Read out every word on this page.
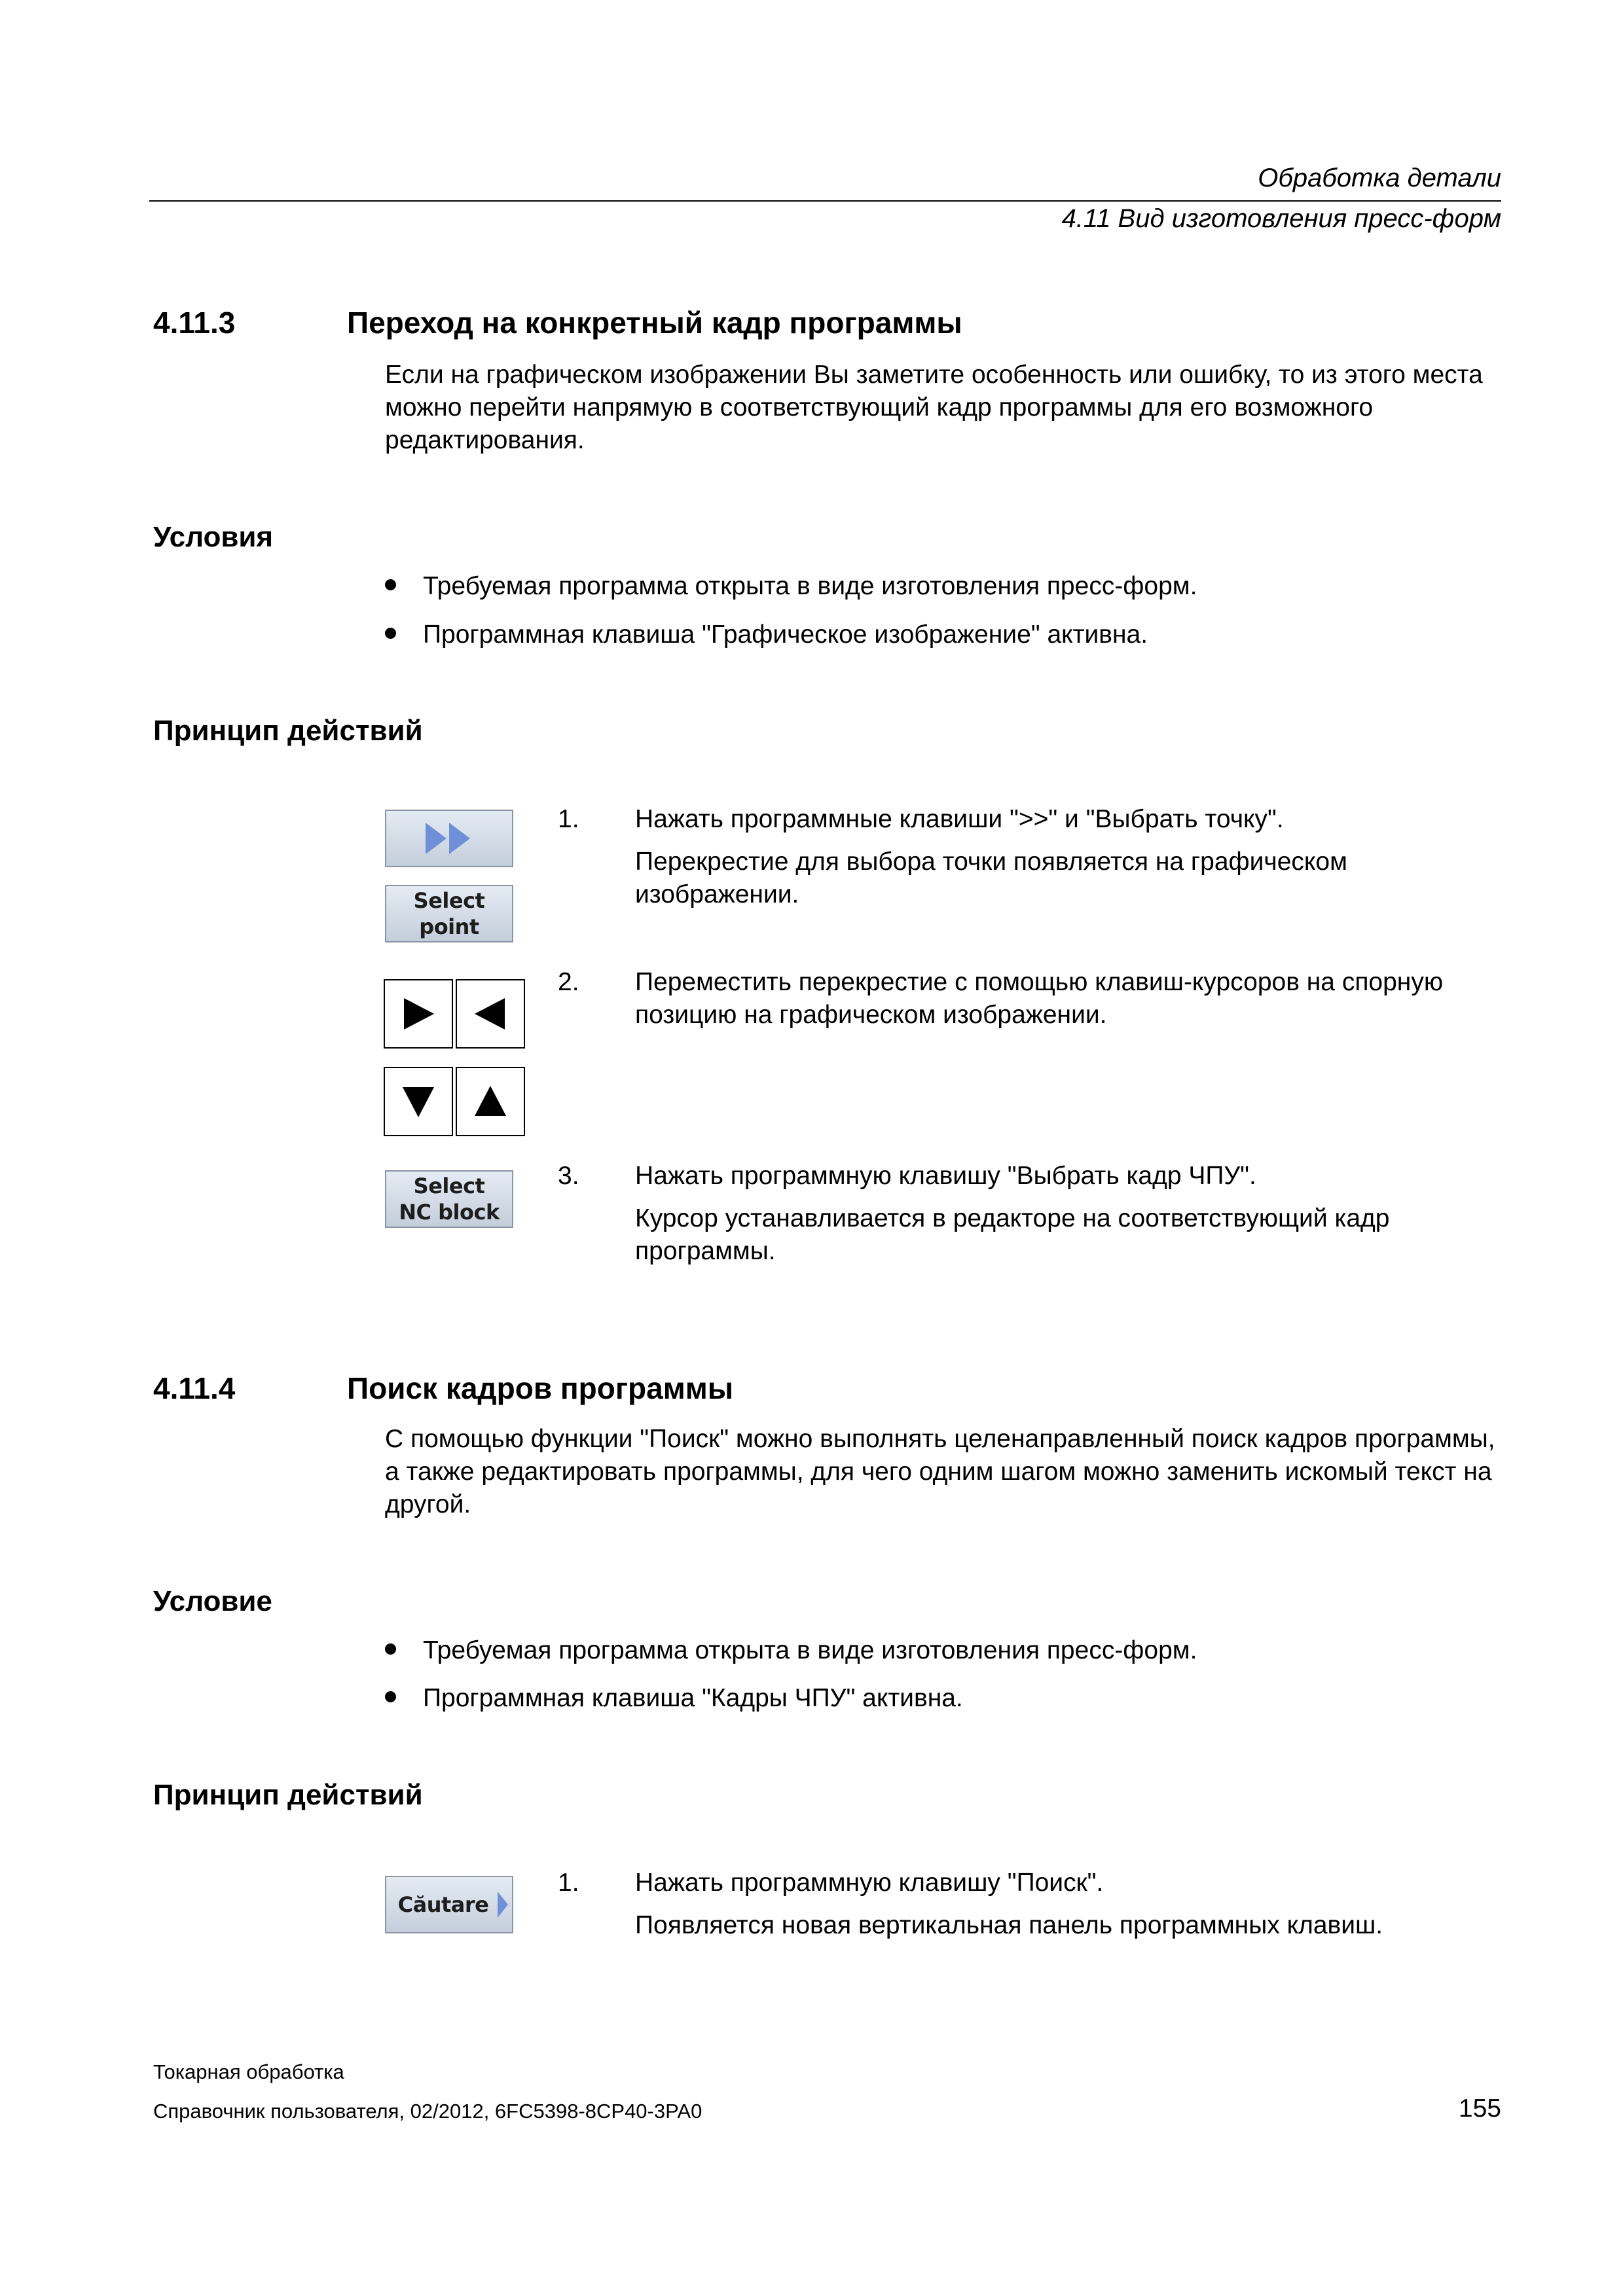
Обработка детали
4.11 Вид изготовления пресс-форм
4.11.3	Переход на конкретный кадр программы
Если на графическом изображении Вы заметите особенность или ошибку, то из этого места можно перейти напрямую в соответствующий кадр программы для его возможного редактирования.
Условия
Требуемая программа открыта в виде изготовления пресс-форм.
Программная клавиша "Графическое изображение" активна.
Принцип действий
Select
point
1. Нажать программные клавиши ">>" и "Выбрать точку".

Перекрестие для выбора точки появляется на графическом изображении.

2. Переместить перекрестие с помощью клавиш-курсоров на спорную позицию на графическом изображении.

Select
NC block
3. Нажать программную клавишу "Выбрать кадр ЧПУ".

Курсор устанавливается в редакторе на соответствующий кадр программы.

4.11.4	Поиск кадров программы
С помощью функции "Поиск" можно выполнять целенаправленный поиск кадров программы, а также редактировать программы, для чего одним шагом можно заменить искомый текст на другой.
Условие
Требуемая программа открыта в виде изготовления пресс-форм.
Программная клавиша "Кадры ЧПУ" активна.
Принцип действий
Căutare
1. Нажать программную клавишу "Поиск".

Появляется новая вертикальная панель программных клавиш.

Токарная обработка
Справочник пользователя, 02/2012, 6FC5398-8CP40-3PA0	155
